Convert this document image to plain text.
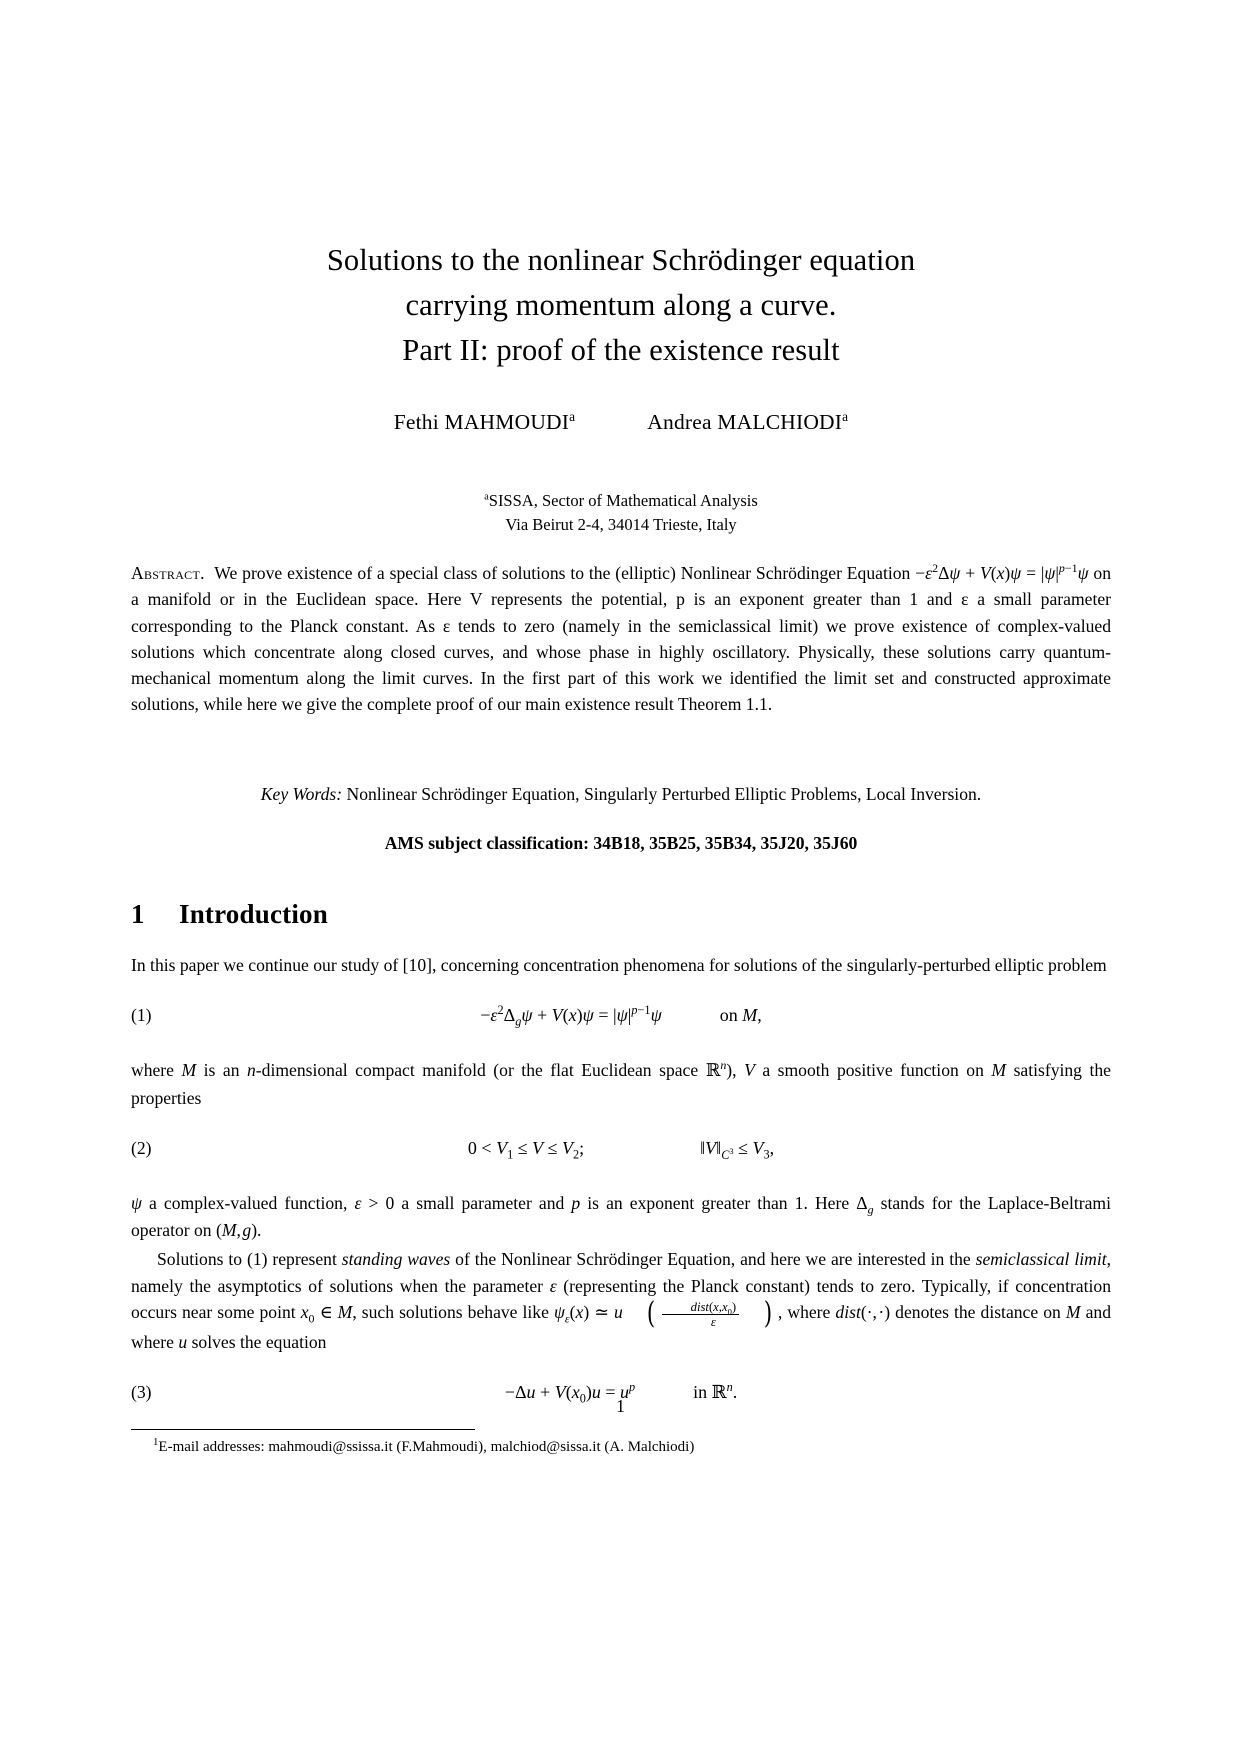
Solutions to the nonlinear Schrödinger equation
carrying momentum along a curve.
Part II: proof of the existence result
Fethi MAHMOUDI$^a$	Andrea MALCHIODI$^a$
$^a$SISSA, Sector of Mathematical Analysis
Via Beirut 2-4, 34014 Trieste, Italy
Abstract. We prove existence of a special class of solutions to the (elliptic) Nonlinear Schrödinger Equation $-\varepsilon^2\Delta\psi + V(x)\psi = |\psi|^{p-1}\psi$ on a manifold or in the Euclidean space. Here V represents the potential, p is an exponent greater than 1 and ε a small parameter corresponding to the Planck constant. As ε tends to zero (namely in the semiclassical limit) we prove existence of complex-valued solutions which concentrate along closed curves, and whose phase in highly oscillatory. Physically, these solutions carry quantum-mechanical momentum along the limit curves. In the first part of this work we identified the limit set and constructed approximate solutions, while here we give the complete proof of our main existence result Theorem 1.1.
Key Words: Nonlinear Schrödinger Equation, Singularly Perturbed Elliptic Problems, Local Inversion.
AMS subject classification: 34B18, 35B25, 35B34, 35J20, 35J60
1 Introduction

In this paper we continue our study of [10], concerning concentration phenomena for solutions of the singularly-perturbed elliptic problem

(1)	$-\varepsilon^2\Delta_g\psi + V(x)\psi = |\psi|^{p-1}\psi$	on M,

where M is an n-dimensional compact manifold (or the flat Euclidean space ℝ$^n$), V a smooth positive function on M satisfying the properties

(2)	$0 < V_1 \le V \le V_2$;	$‖V‖_{C^3} \le V_3$,

ψ a complex-valued function, ε > 0 a small parameter and p is an exponent greater than 1. Here $\Delta_g$ stands for the Laplace-Beltrami operator on (M, g).

Solutions to (1) represent standing waves of the Nonlinear Schrödinger Equation, and here we are interested in the semiclassical limit, namely the asymptotics of solutions when the parameter ε (representing the Planck constant) tends to zero. Typically, if concentration occurs near some point $x_0$ ∈ M, such solutions behave like $\psi_\varepsilon(x)$ ≃ u ( $\frac{dist(x,x_0)}{\varepsilon}$ ) , where dist(·, ·) denotes the distance on M and where u solves the equation

(3)	$-\Delta u + V(x_0)u = u^p$	in ℝ$^n$.
$^1$E-mail addresses: mahmoudi@ssissa.it (F.Mahmoudi), malchiod@sissa.it (A. Malchiodi)
1
